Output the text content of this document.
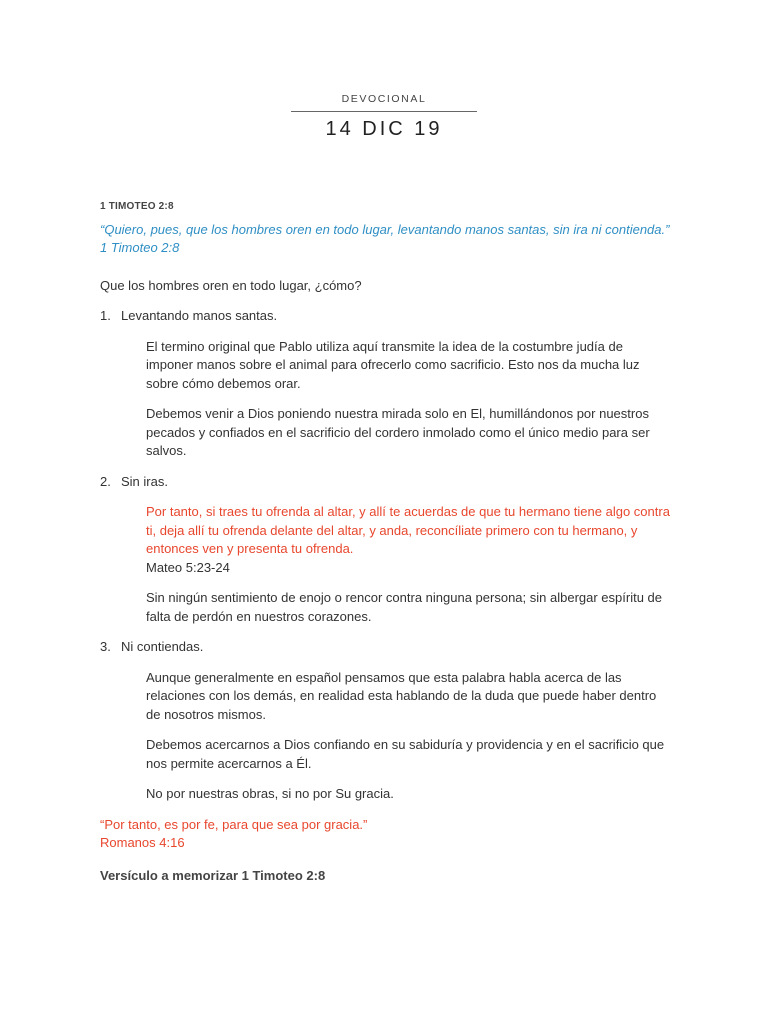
DEVOCIONAL
14 DIC 19
1 TIMOTEO 2:8
“Quiero, pues, que los hombres oren en todo lugar, levantando manos santas, sin ira ni contienda.”
1 Timoteo 2:8

Que los hombres oren en todo lugar, ¿cómo?

1. Levantando manos santas.

El termino original que Pablo utiliza aquí transmite la idea de la costumbre judía de imponer manos sobre el animal para ofrecerlo como sacrificio. Esto nos da mucha luz sobre cómo debemos orar.

Debemos venir a Dios poniendo nuestra mirada solo en El, humillándonos por nuestros pecados y confiados en el sacrificio del cordero inmolado como el único medio para ser salvos.

2. Sin iras.
Por tanto, si traes tu ofrenda al altar, y allí te acuerdas de que tu hermano tiene algo contra ti, deja allí tu ofrenda delante del altar, y anda, reconcíliate primero con tu hermano, y entonces ven y presenta tu ofrenda.
Mateo 5:23-24

Sin ningún sentimiento de enojo o rencor contra ninguna persona; sin albergar espíritu de falta de perdón en nuestros corazones.

3. Ni contiendas.

Aunque generalmente en español pensamos que esta palabra habla acerca de las relaciones con los demás, en realidad esta hablando de la duda que puede haber dentro de nosotros mismos.

Debemos acercarnos a Dios confiando en su sabiduría y providencia y en el sacrificio que nos permite acercarnos a Él.

No por nuestras obras, si no por Su gracia.

“Por tanto, es por fe, para que sea por gracia.”
Romanos 4:16
Versículo a memorizar 1 Timoteo 2:8
